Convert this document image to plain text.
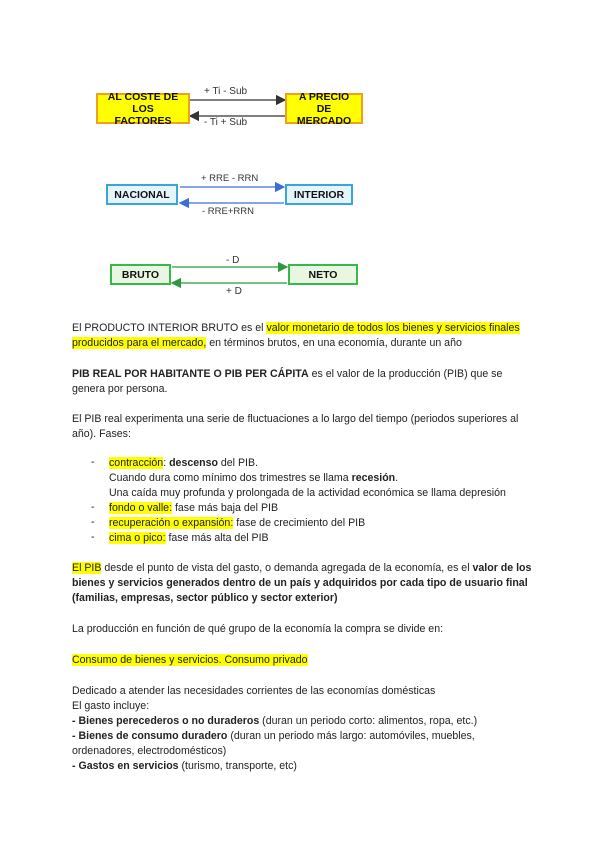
AL COSTE DE LOS FACTORES
A PRECIO DE MERCADO
+ Ti - Sub
- Ti + Sub
NACIONAL	INTERIOR
+ RRE - RRN
- RRE+RRN
BRUTO	NETO
- D
+ D
El PRODUCTO INTERIOR BRUTO es el valor monetario de todos los bienes y servicios finales producidos para el mercado, en términos brutos, en una economía, durante un año
PIB REAL POR HABITANTE O PIB PER CÁPITA es el valor de la producción (PIB) que se genera por persona.
El PIB real experimenta una serie de fluctuaciones a lo largo del tiempo (periodos superiores al año). Fases:
- contracción: descenso del PIB.
Cuando dura como mínimo dos trimestres se llama recesión.
Una caída muy profunda y prolongada de la actividad económica se llama depresión
- fondo o valle: fase más baja del PIB
- recuperación o expansión: fase de crecimiento del PIB
- cima o pico: fase más alta del PIB
El PIB desde el punto de vista del gasto, o demanda agregada de la economía, es el valor de los bienes y servicios generados dentro de un país y adquiridos por cada tipo de usuario final (familias, empresas, sector público y sector exterior)
La producción en función de qué grupo de la economía la compra se divide en:
Consumo de bienes y servicios. Consumo privado
Dedicado a atender las necesidades corrientes de las economías domésticas
El gasto incluye:
- Bienes perecederos o no duraderos (duran un periodo corto: alimentos, ropa, etc.)
- Bienes de consumo duradero (duran un periodo más largo: automóviles, muebles, ordenadores, electrodomésticos)
- Gastos en servicios (turismo, transporte, etc)
